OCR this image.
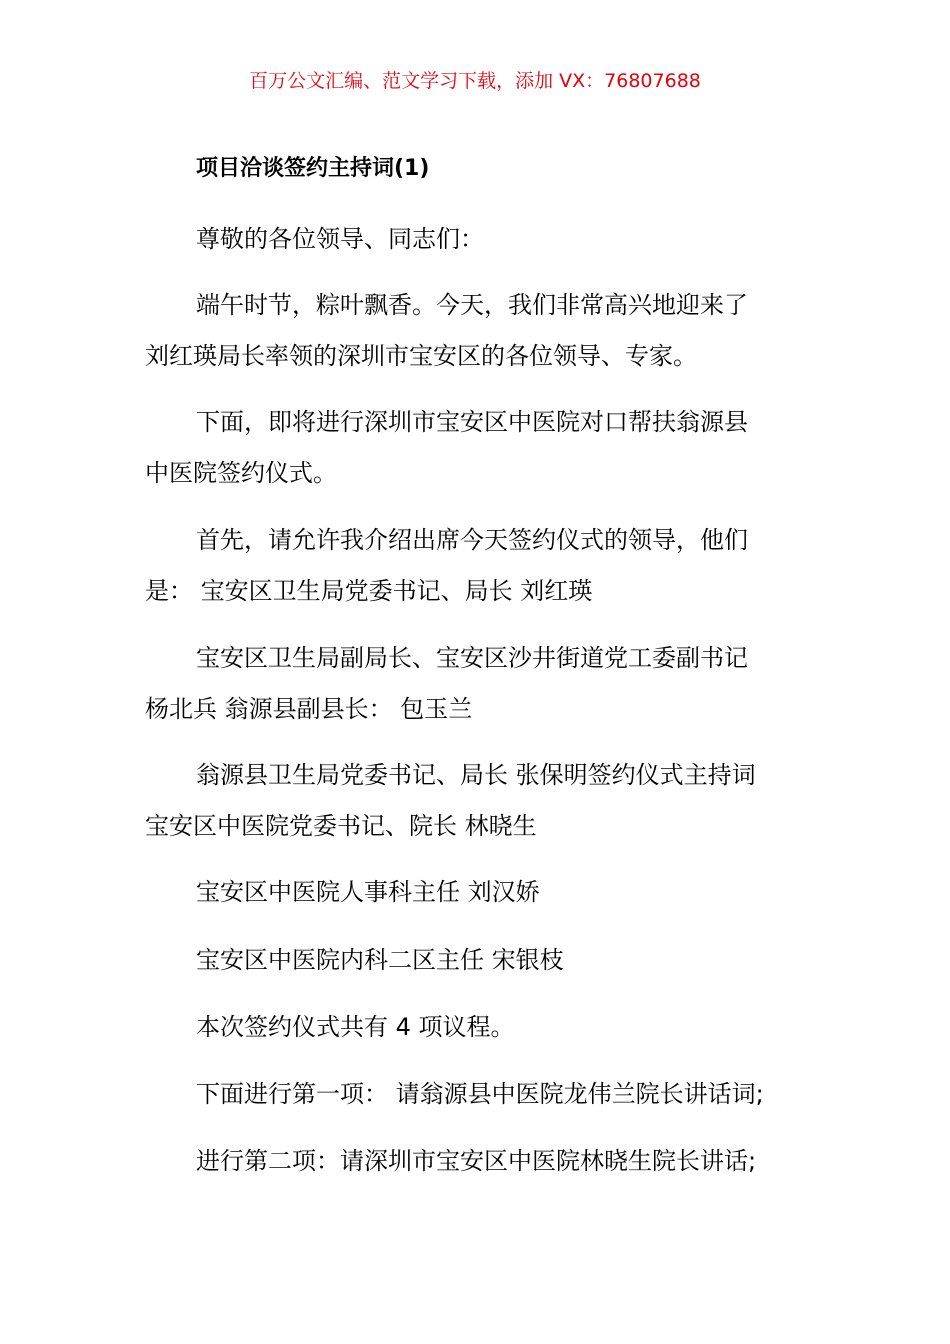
百万公文汇编、范文学习下载，添加 VX：76807688
项目洽谈签约主持词(1)
尊敬的各位领导、同志们：
端午时节，粽叶飘香。今天，我们非常高兴地迎来了
刘红瑛局长率领的深圳市宝安区的各位领导、专家。
下面，即将进行深圳市宝安区中医院对口帮扶翁源县
中医院签约仪式。
首先，请允许我介绍出席今天签约仪式的领导，他们
是： 宝安区卫生局党委书记、局长 刘红瑛
宝安区卫生局副局长、宝安区沙井街道党工委副书记
杨北兵 翁源县副县长： 包玉兰
翁源县卫生局党委书记、局长 张保明签约仪式主持词
宝安区中医院党委书记、院长 林晓生
宝安区中医院人事科主任 刘汉娇
宝安区中医院内科二区主任 宋银枝
本次签约仪式共有 4 项议程。
下面进行第一项： 请翁源县中医院龙伟兰院长讲话词;
进行第二项：请深圳市宝安区中医院林晓生院长讲话;
